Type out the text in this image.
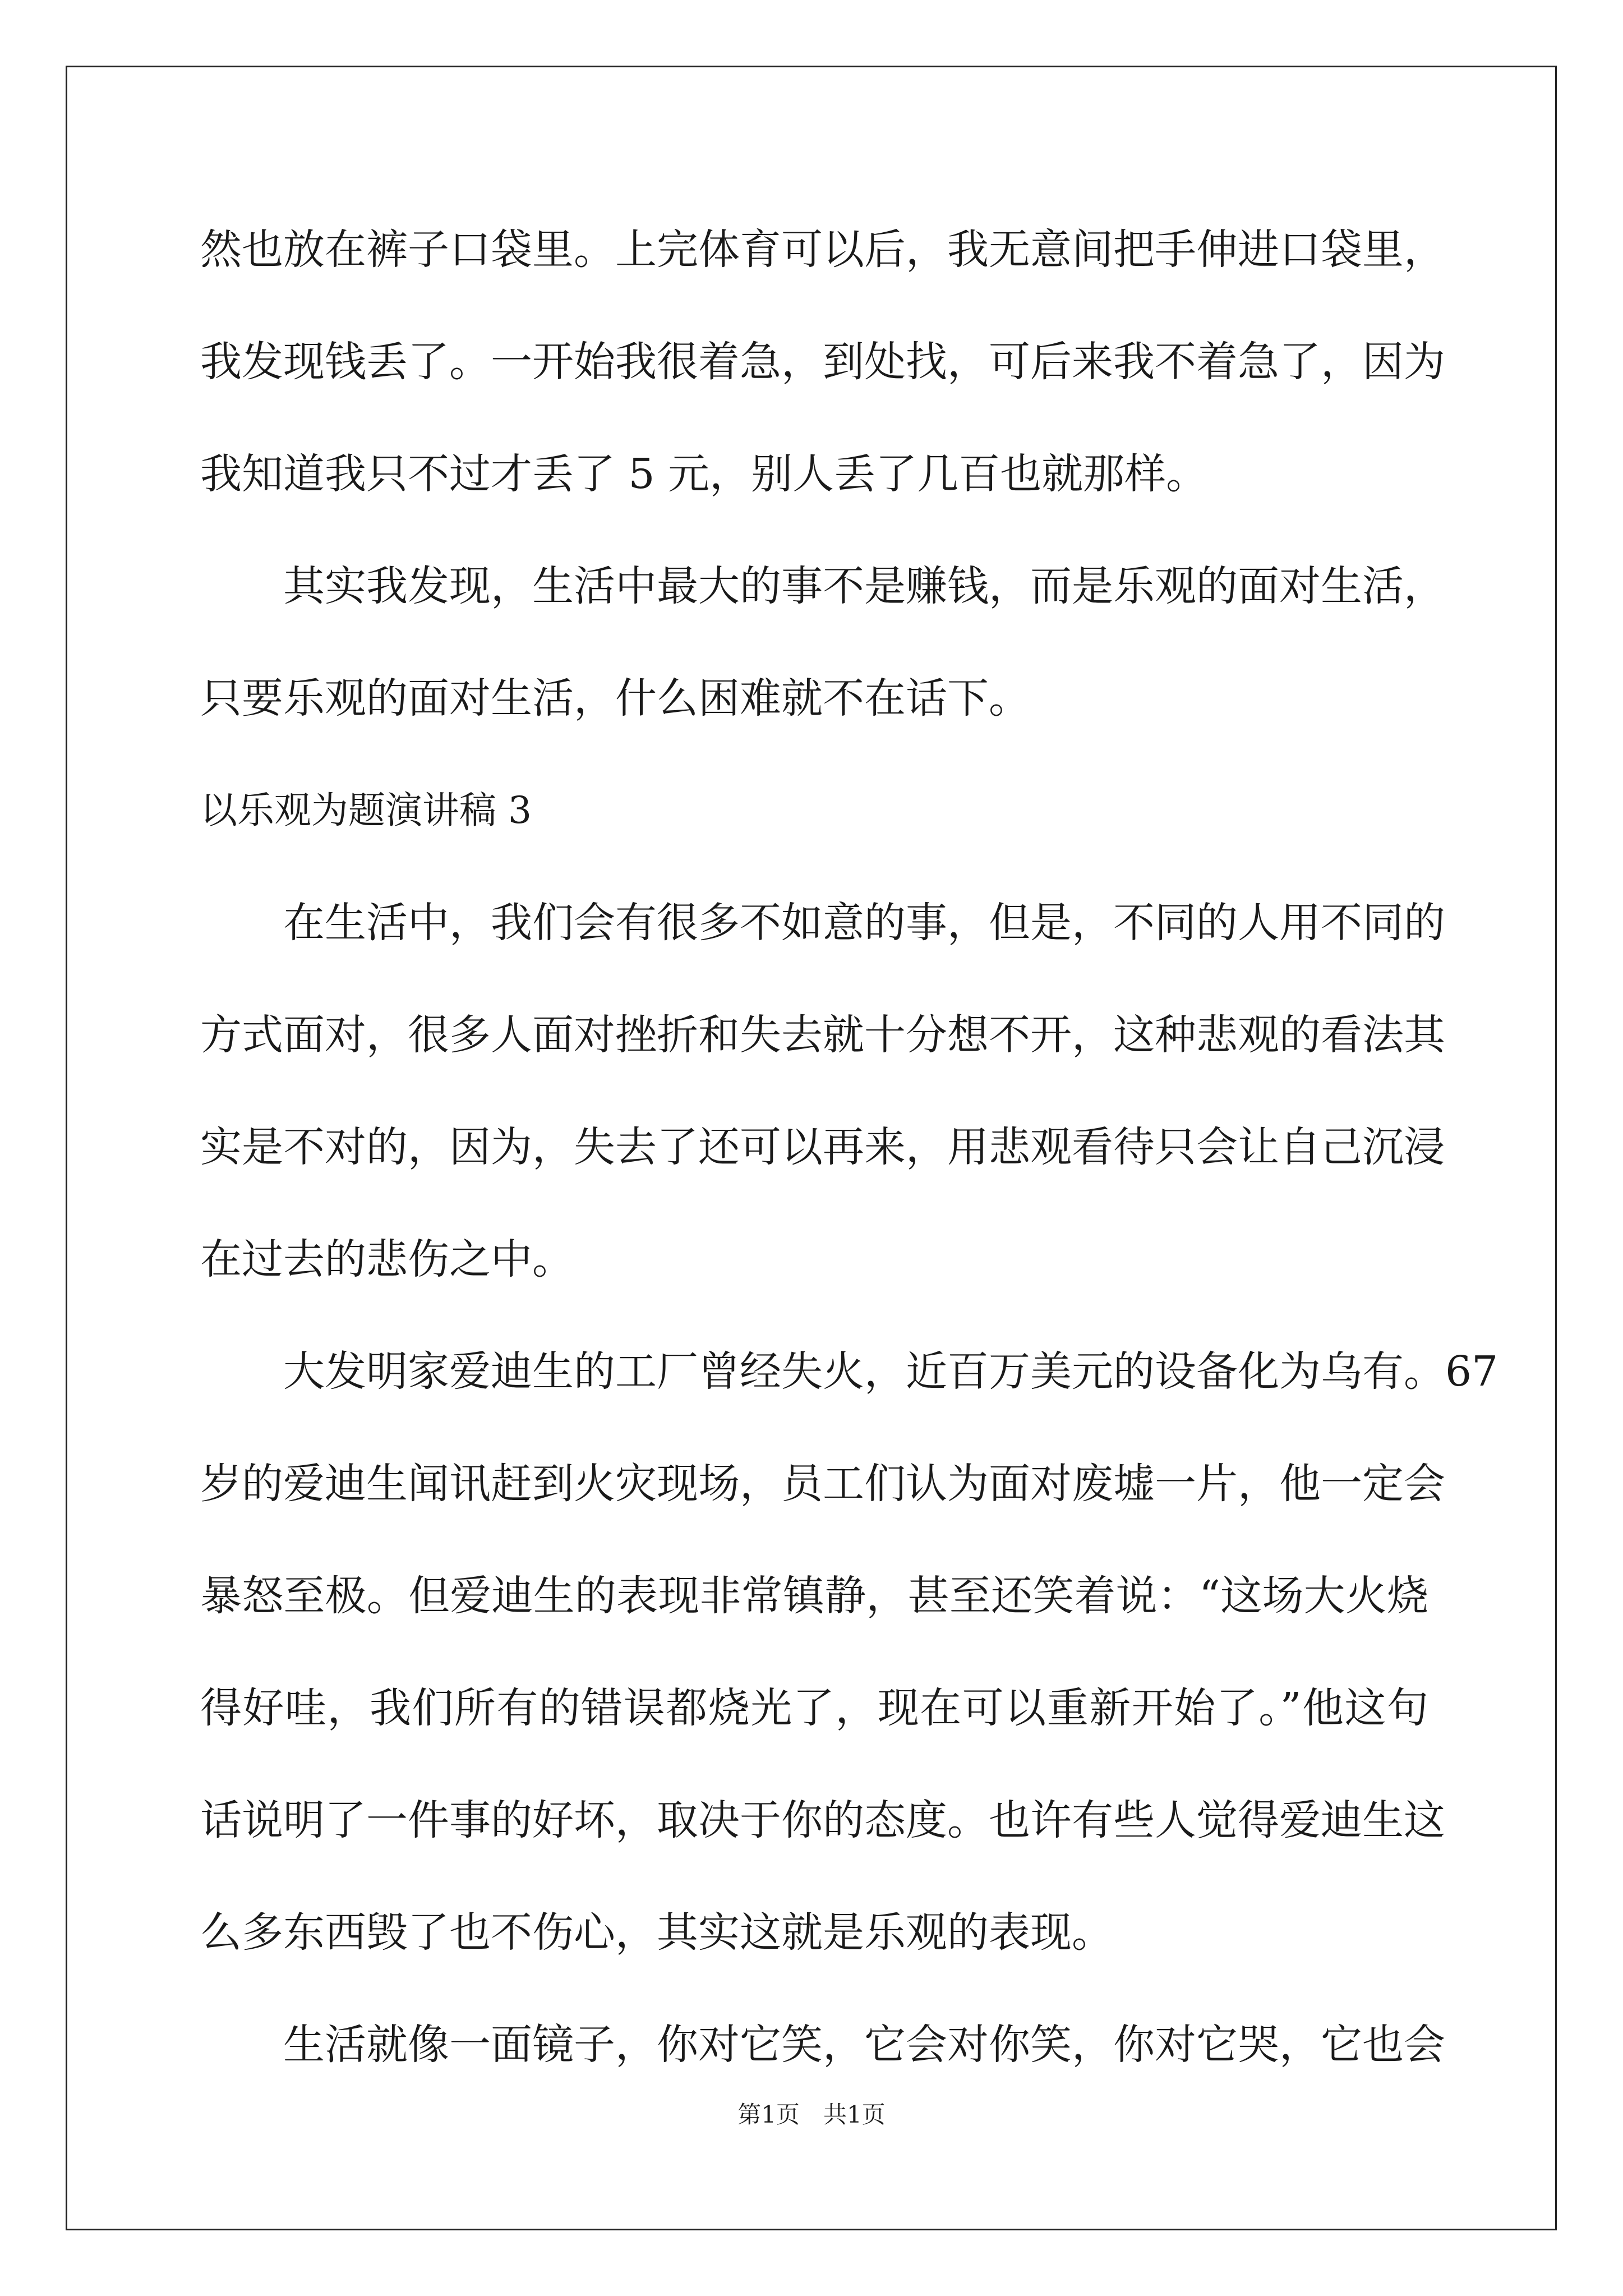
然也放在裤子口袋里。上完体育可以后，我无意间把手伸进口袋里，
我发现钱丢了。一开始我很着急，到处找，可后来我不着急了，因为
我知道我只不过才丢了 5 元，别人丢了几百也就那样。
其实我发现，生活中最大的事不是赚钱，而是乐观的面对生活，
只要乐观的面对生活，什么困难就不在话下。
以乐观为题演讲稿 3
在生活中，我们会有很多不如意的事，但是，不同的人用不同的
方式面对，很多人面对挫折和失去就十分想不开，这种悲观的看法其
实是不对的，因为，失去了还可以再来，用悲观看待只会让自己沉浸
在过去的悲伤之中。
大发明家爱迪生的工厂曾经失火，近百万美元的设备化为乌有。67
岁的爱迪生闻讯赶到火灾现场，员工们认为面对废墟一片，他一定会
暴怒至极。但爱迪生的表现非常镇静，甚至还笑着说：“这场大火烧
得好哇，我们所有的错误都烧光了，现在可以重新开始了。”他这句
话说明了一件事的好坏，取决于你的态度。也许有些人觉得爱迪生这
么多东西毁了也不伤心，其实这就是乐观的表现。
生活就像一面镜子，你对它笑，它会对你笑，你对它哭，它也会
第1页　共1页
